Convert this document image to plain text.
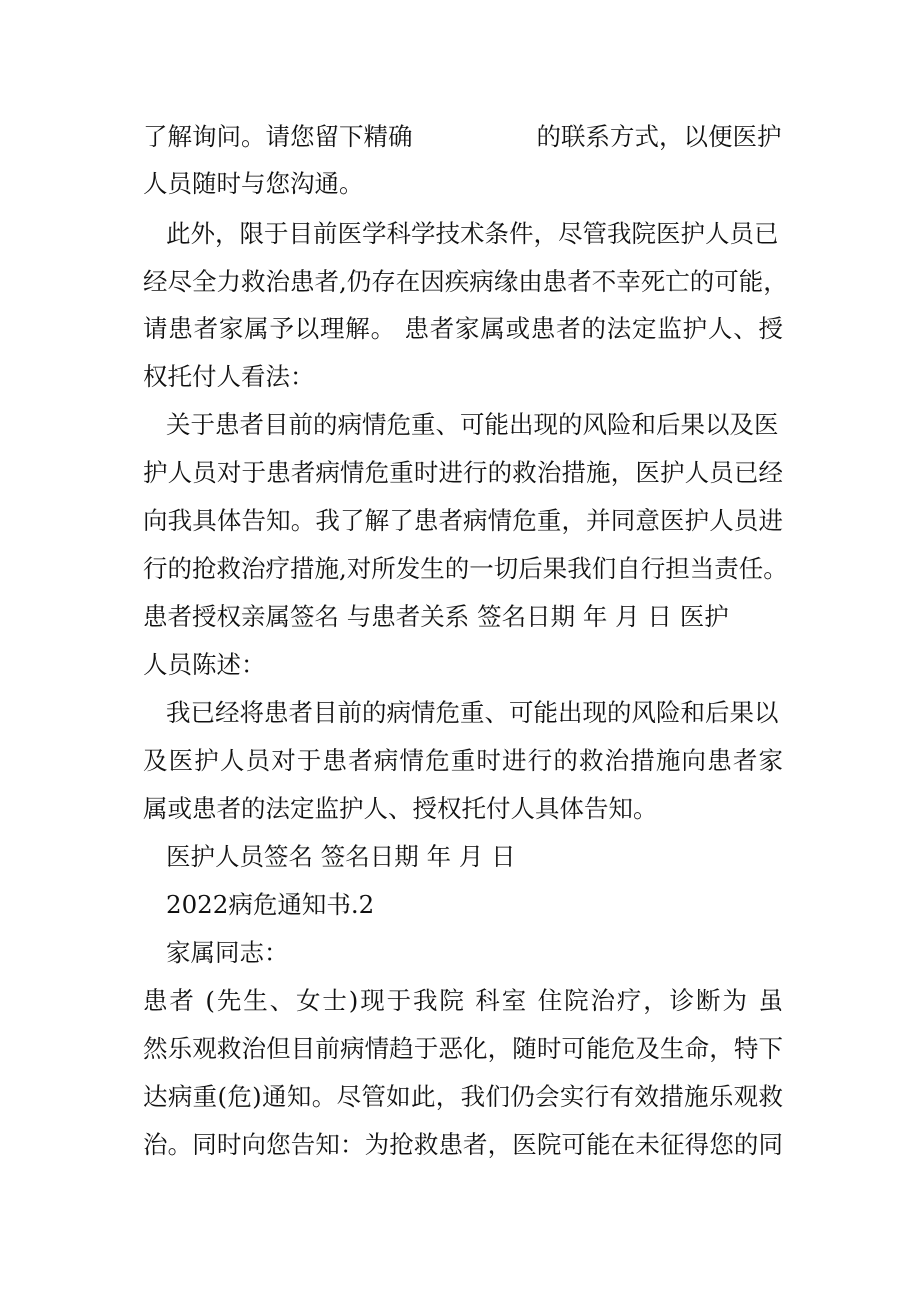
了解询问。请您留下精确	的联系方式，以便医护
人员随时与您沟通。
此外，限于目前医学科学技术条件，尽管我院医护人员已
经尽全力救治患者,仍存在因疾病缘由患者不幸死亡的可能，
请患者家属予以理解。 患者家属或患者的法定监护人、授
权托付人看法：
关于患者目前的病情危重、可能出现的风险和后果以及医
护人员对于患者病情危重时进行的救治措施，医护人员已经
向我具体告知。我了解了患者病情危重，并同意医护人员进
行的抢救治疗措施,对所发生的一切后果我们自行担当责任。
患者授权亲属签名 与患者关系 签名日期 年 月 日 医护
人员陈述：
我已经将患者目前的病情危重、可能出现的风险和后果以
及医护人员对于患者病情危重时进行的救治措施向患者家
属或患者的法定监护人、授权托付人具体告知。
医护人员签名 签名日期 年 月 日
2022病危通知书.2
家属同志：
患者 (先生、女士)现于我院 科室 住院治疗，诊断为 虽
然乐观救治但目前病情趋于恶化，随时可能危及生命，特下
达病重(危)通知。尽管如此，我们仍会实行有效措施乐观救
治。同时向您告知：为抢救患者，医院可能在未征得您的同
